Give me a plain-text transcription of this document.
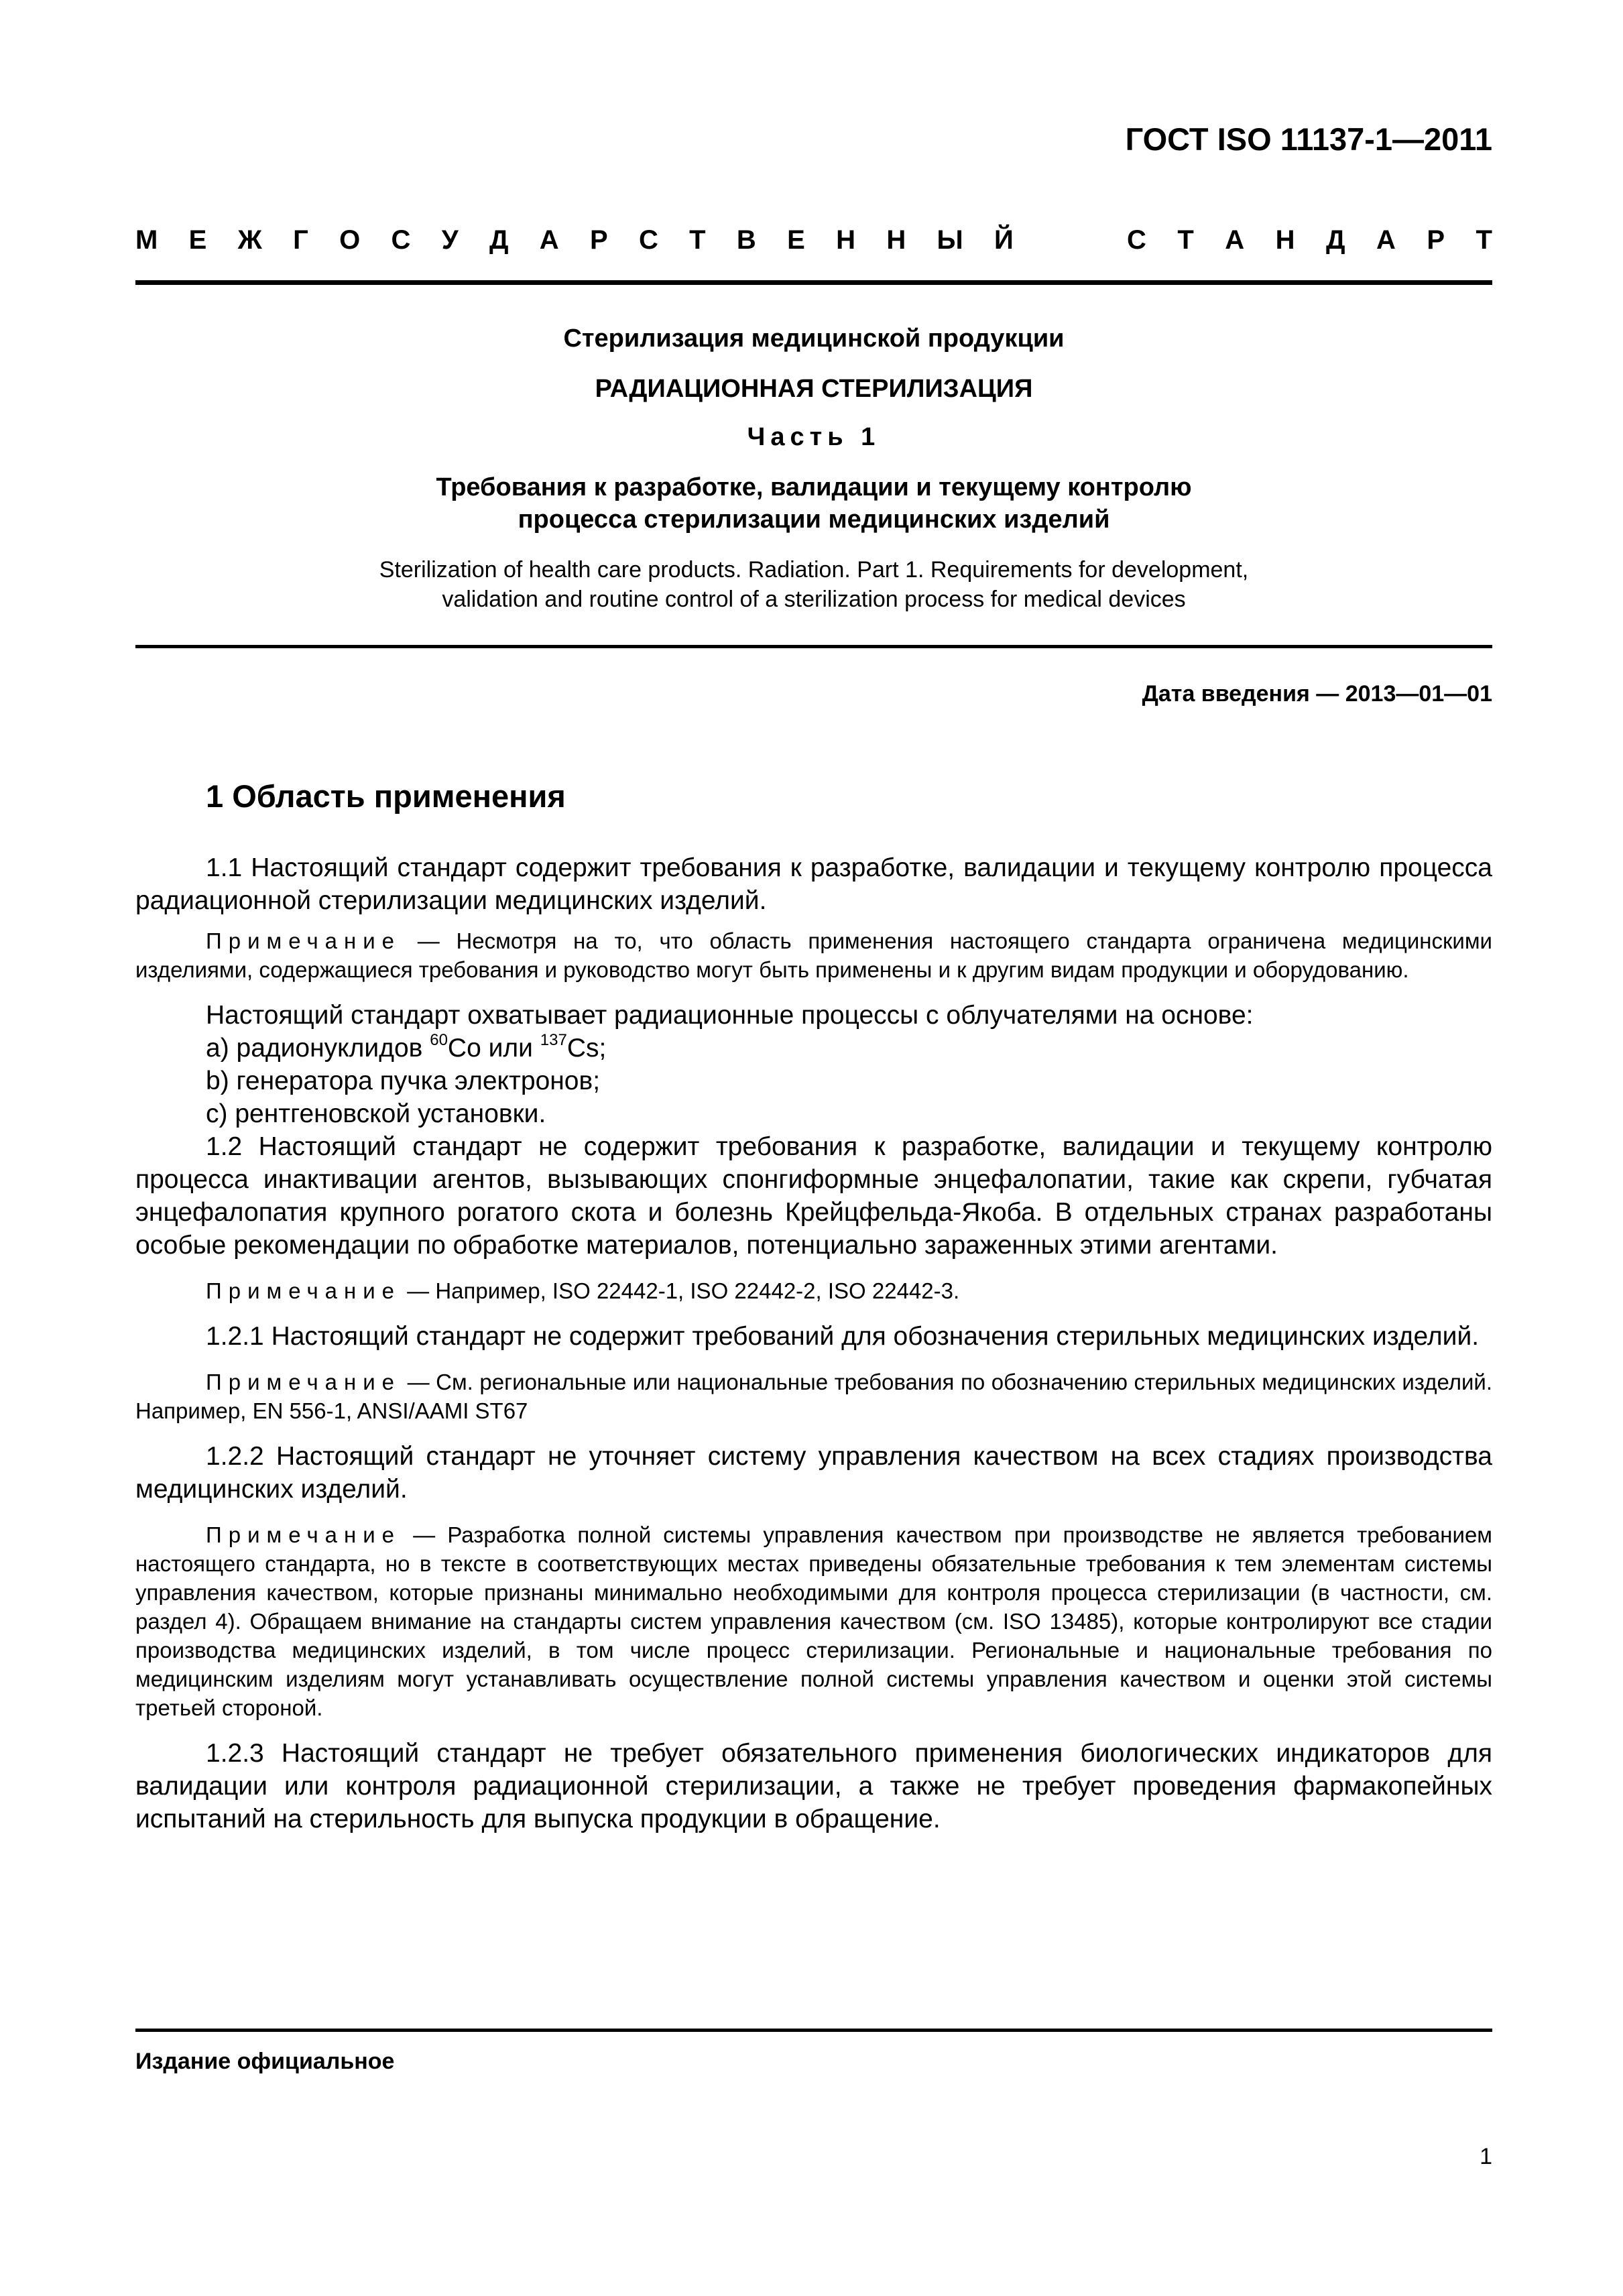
ГОСТ ISO 11137-1—2011
М Е Ж Г О С У Д А Р С Т В Е Н Н Ы Й	С Т А Н Д А Р Т
Стерилизация медицинской продукции
РАДИАЦИОННАЯ СТЕРИЛИЗАЦИЯ
Часть 1
Требования к разработке, валидации и текущему контролю
процесса стерилизации медицинских изделий
Sterilization of health care products. Radiation. Part 1. Requirements for development,
validation and routine control of a sterilization process for medical devices
Дата введения — 2013—01—01
1 Область применения

1.1 Настоящий стандарт содержит требования к разработке, валидации и текущему контролю процесса радиационной стерилизации медицинских изделий.

Примечание — Несмотря на то, что область применения настоящего стандарта ограничена медицинскими изделиями, содержащиеся требования и руководство могут быть применены и к другим видам продукции и оборудованию.

Настоящий стандарт охватывает радиационные процессы с облучателями на основе:

а) радионуклидов $^{60}$Co или $^{137}$Cs;

b) генератора пучка электронов;

c) рентгеновской установки.

1.2 Настоящий стандарт не содержит требования к разработке, валидации и текущему контролю процесса инактивации агентов, вызывающих спонгиформные энцефалопатии, такие как скрепи, губчатая энцефалопатия крупного рогатого скота и болезнь Крейцфельда-Якоба. В отдельных странах разработаны особые рекомендации по обработке материалов, потенциально зараженных этими агентами.

Примечание — Например, ISO 22442-1, ISO 22442-2, ISO 22442-3.

1.2.1 Настоящий стандарт не содержит требований для обозначения стерильных медицинских изделий.

Примечание — См. региональные или национальные требования по обозначению стерильных медицинских изделий. Например, EN 556-1, ANSI/AAMI ST67

1.2.2 Настоящий стандарт не уточняет систему управления качеством на всех стадиях производства медицинских изделий.

Примечание — Разработка полной системы управления качеством при производстве не является требованием настоящего стандарта, но в тексте в соответствующих местах приведены обязательные требования к тем элементам системы управления качеством, которые признаны минимально необходимыми для контроля процесса стерилизации (в частности, см. раздел 4). Обращаем внимание на стандарты систем управления качеством (см. ISO 13485), которые контролируют все стадии производства медицинских изделий, в том числе процесс стерилизации. Региональные и национальные требования по медицинским изделиям могут устанавливать осуществление полной системы управления качеством и оценки этой системы третьей стороной.

1.2.3 Настоящий стандарт не требует обязательного применения биологических индикаторов для валидации или контроля радиационной стерилизации, а также не требует проведения фармакопейных испытаний на стерильность для выпуска продукции в обращение.

Издание официальное
1
